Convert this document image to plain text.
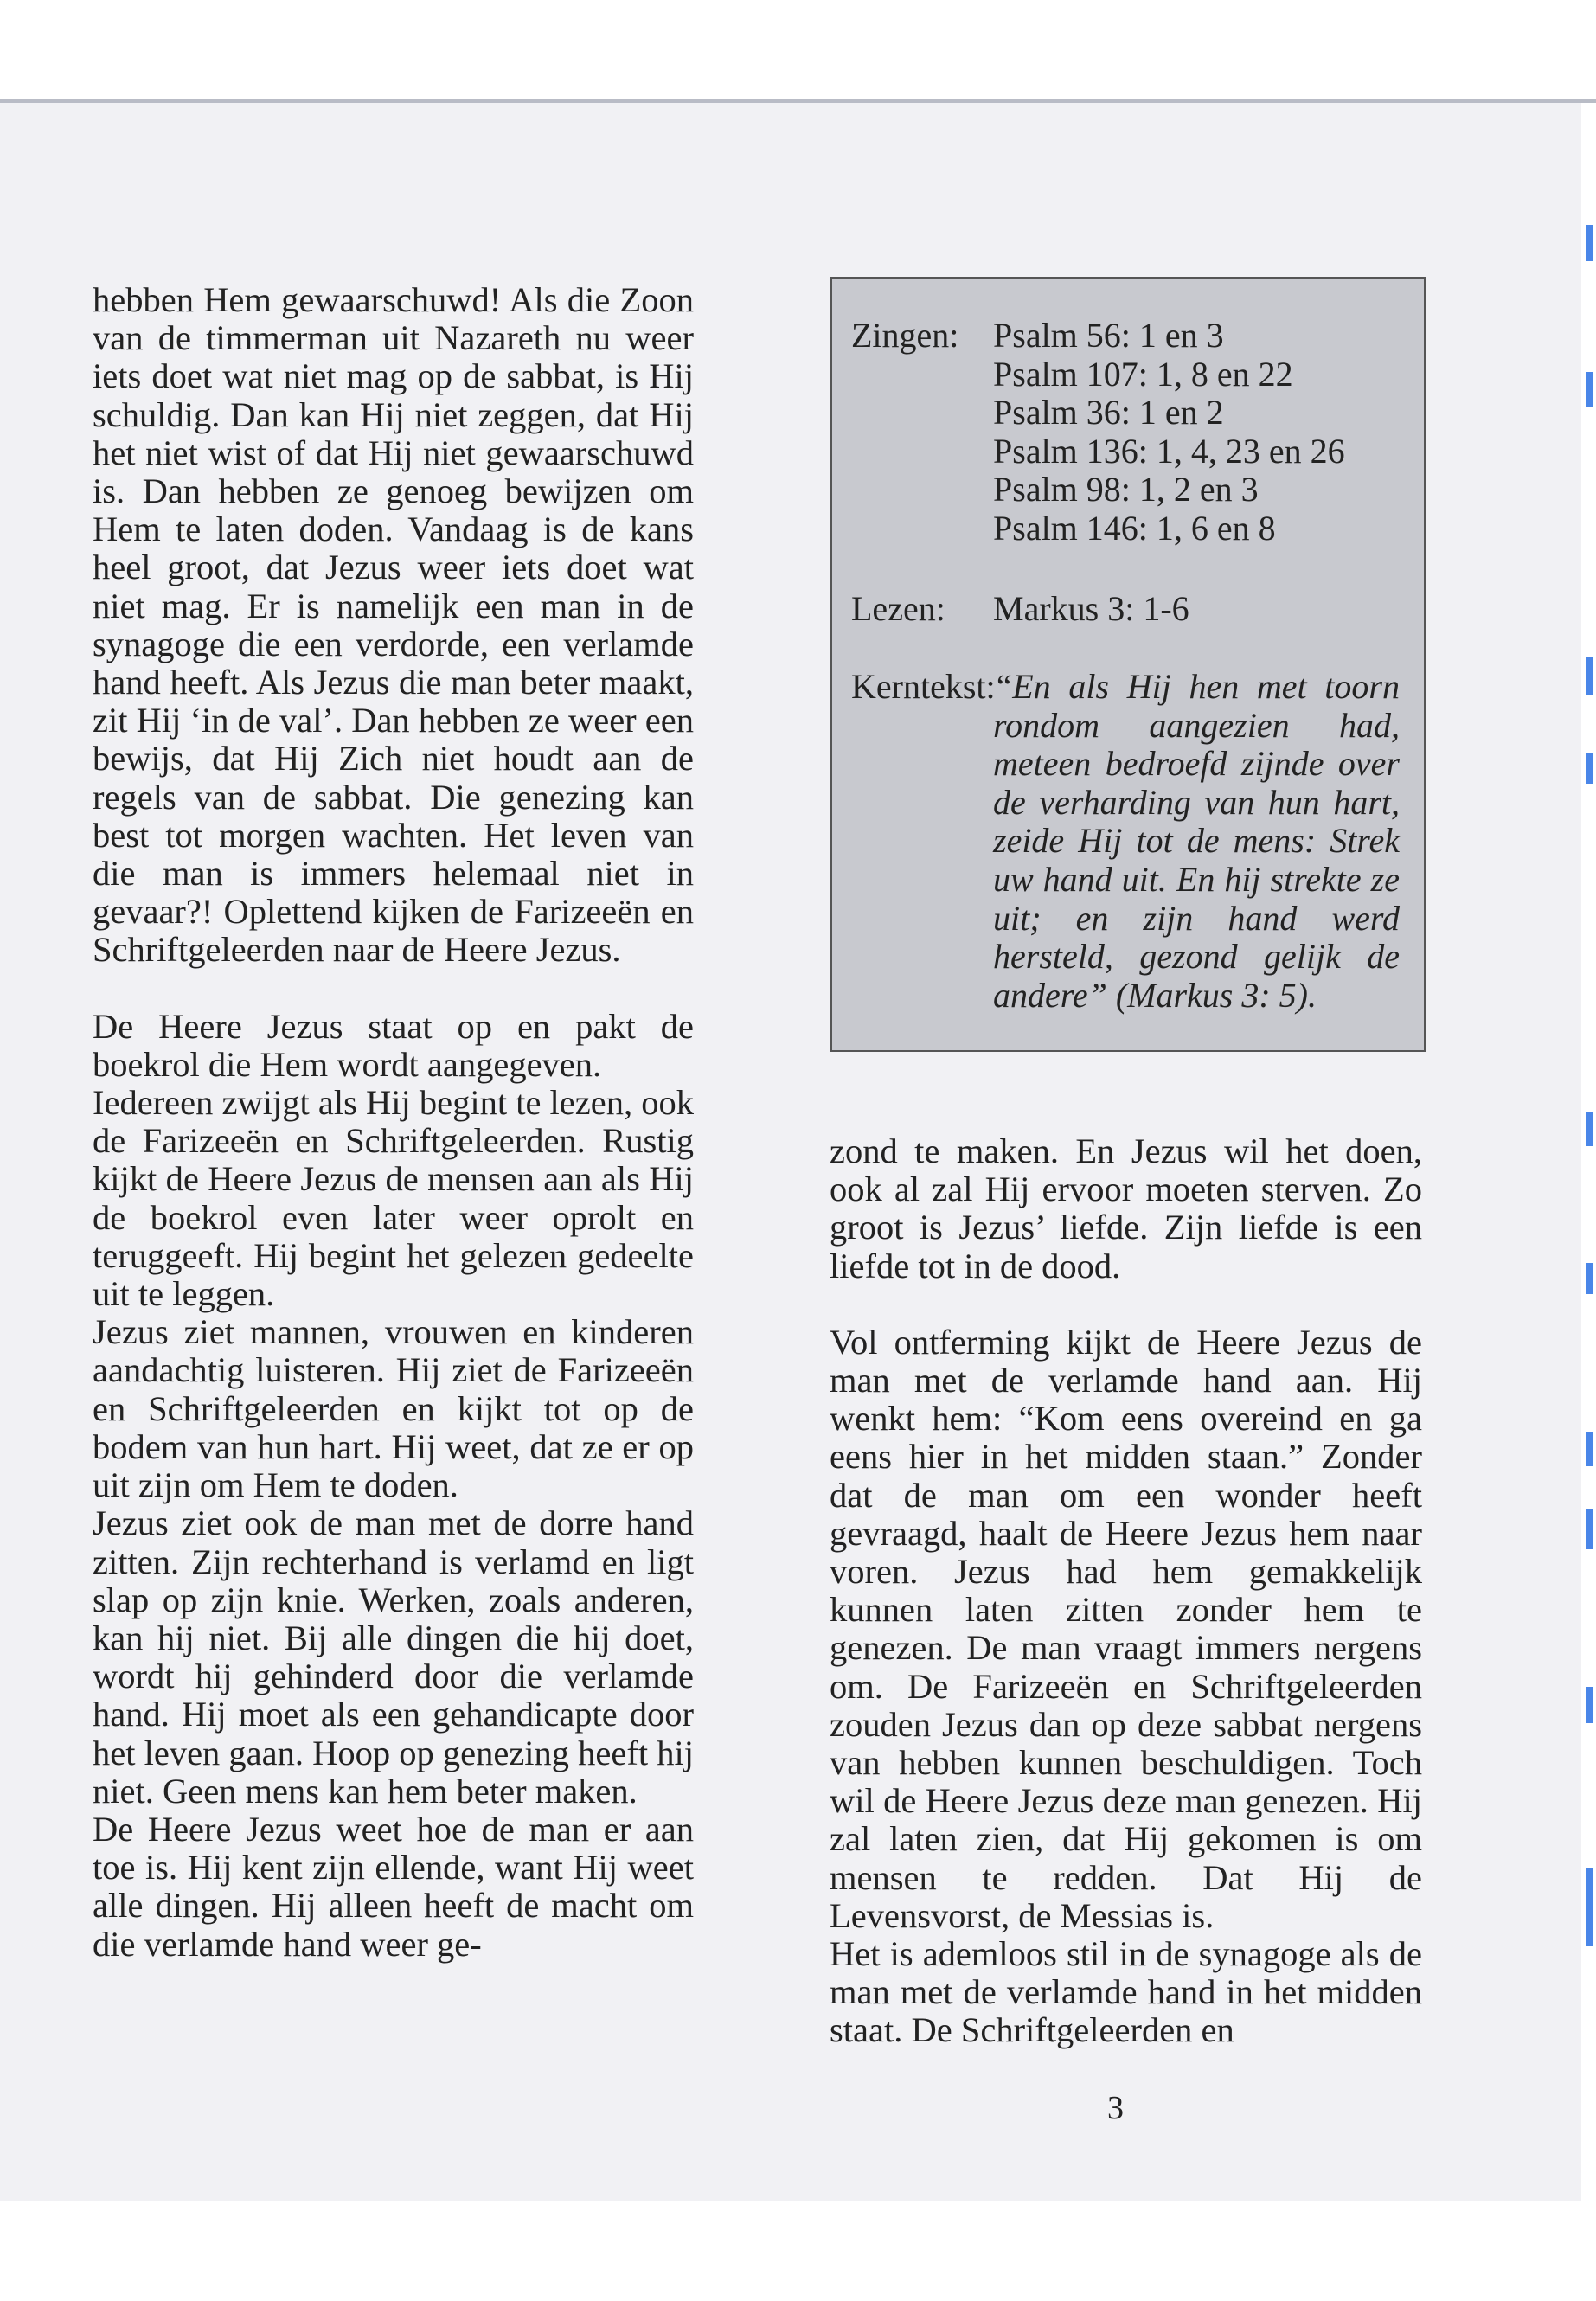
hebben Hem gewaarschuwd! Als die Zoon van de timmerman uit Nazareth nu weer iets doet wat niet mag op de sabbat, is Hij schuldig. Dan kan Hij niet zeggen, dat Hij het niet wist of dat Hij niet gewaarschuwd is. Dan hebben ze genoeg bewijzen om Hem te laten doden. Vandaag is de kans heel groot, dat Jezus weer iets doet wat niet mag. Er is namelijk een man in de synagoge die een verdorde, een verlamde hand heeft. Als Jezus die man beter maakt, zit Hij ‘in de val’. Dan hebben ze weer een bewijs, dat Hij Zich niet houdt aan de regels van de sabbat. Die genezing kan best tot morgen wachten. Het leven van die man is immers helemaal niet in gevaar?! Oplettend kijken de Farizeeën en Schriftgeleerden naar de Heere Jezus.

De Heere Jezus staat op en pakt de boekrol die Hem wordt aangegeven.

Iedereen zwijgt als Hij begint te lezen, ook de Farizeeën en Schriftgeleerden. Rustig kijkt de Heere Jezus de mensen aan als Hij de boekrol even later weer oprolt en teruggeeft. Hij begint het gelezen gedeelte uit te leggen.

Jezus ziet mannen, vrouwen en kinderen aandachtig luisteren. Hij ziet de Farizeeën en Schriftgeleerden en kijkt tot op de bodem van hun hart. Hij weet, dat ze er op uit zijn om Hem te doden.

Jezus ziet ook de man met de dorre hand zitten. Zijn rechterhand is verlamd en ligt slap op zijn knie. Werken, zoals anderen, kan hij niet. Bij alle dingen die hij doet, wordt hij gehinderd door die verlamde hand. Hij moet als een gehandicapte door het leven gaan. Hoop op genezing heeft hij niet. Geen mens kan hem beter maken.

De Heere Jezus weet hoe de man er aan toe is. Hij kent zijn ellende, want Hij weet alle dingen. Hij alleen heeft de macht om die verlamde hand weer ge-

Zingen: Psalm 56: 1 en 3
Psalm 107: 1, 8 en 22
Psalm 36: 1 en 2
Psalm 136: 1, 4, 23 en 26
Psalm 98: 1, 2 en 3
Psalm 146: 1, 6 en 8
Lezen: Markus 3: 1-6
Kerntekst:

“En als Hij hen met toorn rondom aangezien had, meteen bedroefd zijnde over de verharding van hun hart, zeide Hij tot de mens: Strek uw hand uit. En hij strekte ze uit; en zijn hand werd hersteld, gezond gelijk de andere” (Markus 3: 5).

zond te maken. En Jezus wil het doen, ook al zal Hij ervoor moeten sterven. Zo groot is Jezus’ liefde. Zijn liefde is een liefde tot in de dood.

Vol ontferming kijkt de Heere Jezus de man met de verlamde hand aan. Hij wenkt hem: “Kom eens overeind en ga eens hier in het midden staan.” Zonder dat de man om een wonder heeft gevraagd, haalt de Heere Jezus hem naar voren. Jezus had hem gemakkelijk kunnen laten zitten zonder hem te genezen. De man vraagt immers nergens om. De Farizeeën en Schriftgeleerden zouden Jezus dan op deze sabbat nergens van hebben kunnen beschuldigen. Toch wil de Heere Jezus deze man genezen. Hij zal laten zien, dat Hij gekomen is om mensen te redden. Dat Hij de Levensvorst, de Messias is.

Het is ademloos stil in de synagoge als de man met de verlamde hand in het midden staat. De Schriftgeleerden en

3
